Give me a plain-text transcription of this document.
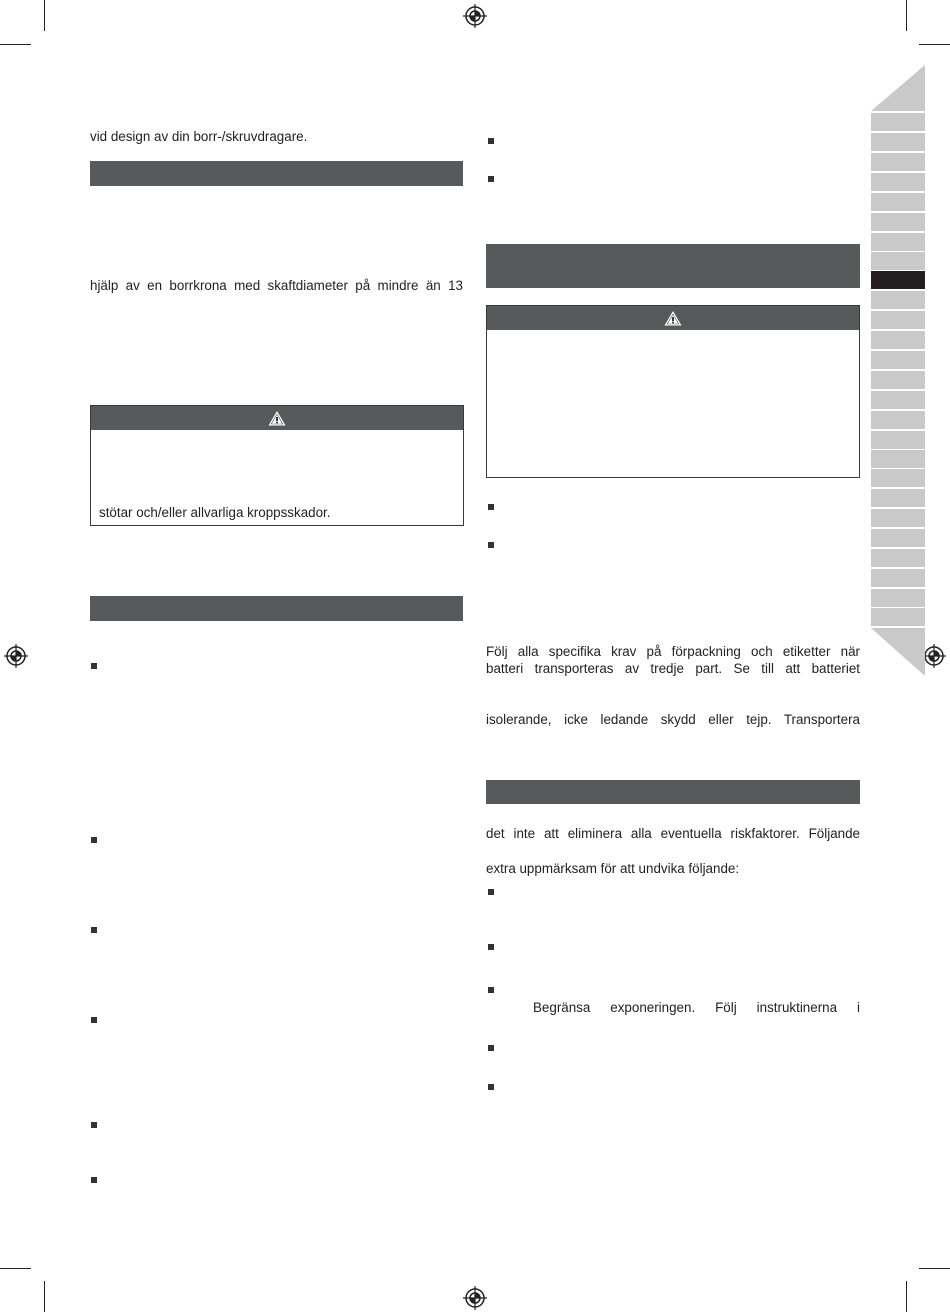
vid design av din borr-/skruvdragare.
hjälp av en borrkrona med skaftdiameter på mindre än 13
stötar och/eller allvarliga kroppsskador.
Följ alla specifika krav på förpackning och etiketter när
batteri transporteras av tredje part. Se till att batteriet
isolerande, icke ledande skydd eller tejp. Transportera
det inte att eliminera alla eventuella riskfaktorer. Följande
extra uppmärksam för att undvika följande:
Begränsa exponeringen. Följ instruktinerna i
